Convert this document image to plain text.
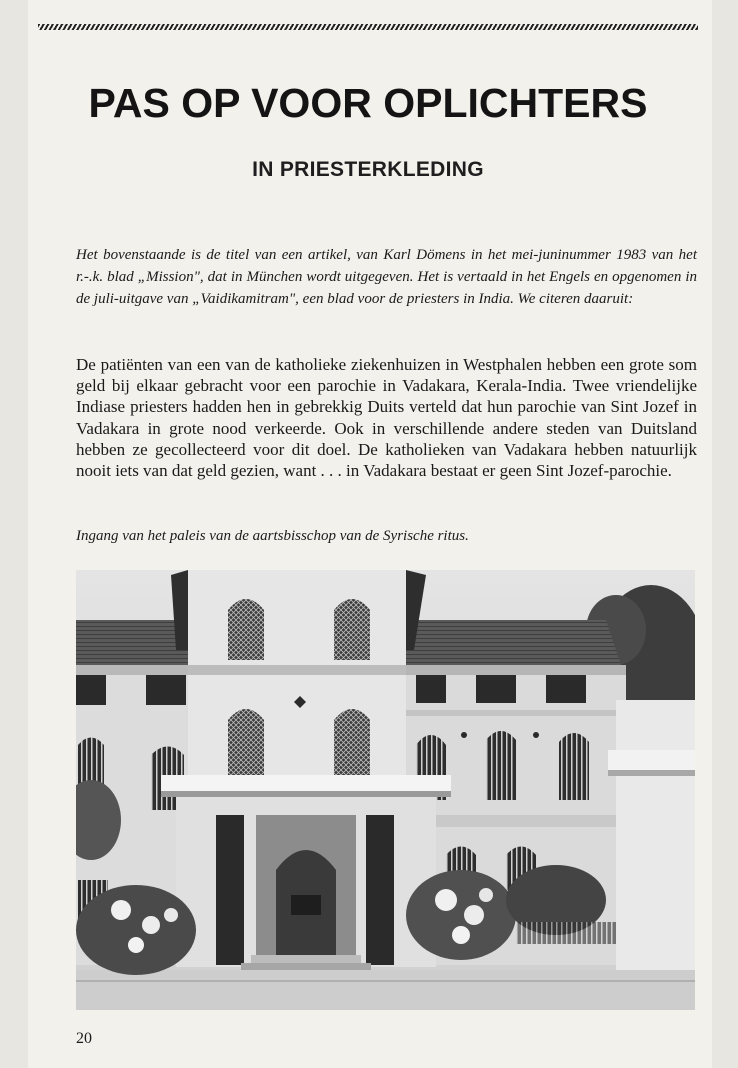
PAS OP VOOR OPLICHTERS
IN PRIESTERKLEDING

Het bovenstaande is de titel van een artikel, van Karl Dömens in het mei-juninummer 1983 van het r.-.k. blad „Mission", dat in München wordt uitgegeven. Het is vertaald in het Engels en opgenomen in de juli-uitgave van „Vaidikamitram", een blad voor de priesters in India. We citeren daaruit:

De patiënten van een van de katholieke ziekenhuizen in Westphalen hebben een grote som geld bij elkaar gebracht voor een parochie in Vadakara, Kerala-India. Twee vriendelijke Indiase priesters hadden hen in gebrekkig Duits verteld dat hun parochie van Sint Jozef in Vadakara in grote nood verkeerde. Ook in verschillende andere steden van Duitsland hebben ze gecollecteerd voor dit doel. De katholieken van Vadakara hebben natuurlijk nooit iets van dat geld gezien, want . . . in Vadakara bestaat er geen Sint Jozef-parochie.

Ingang van het paleis van de aartsbisschop van de Syrische ritus.

20
